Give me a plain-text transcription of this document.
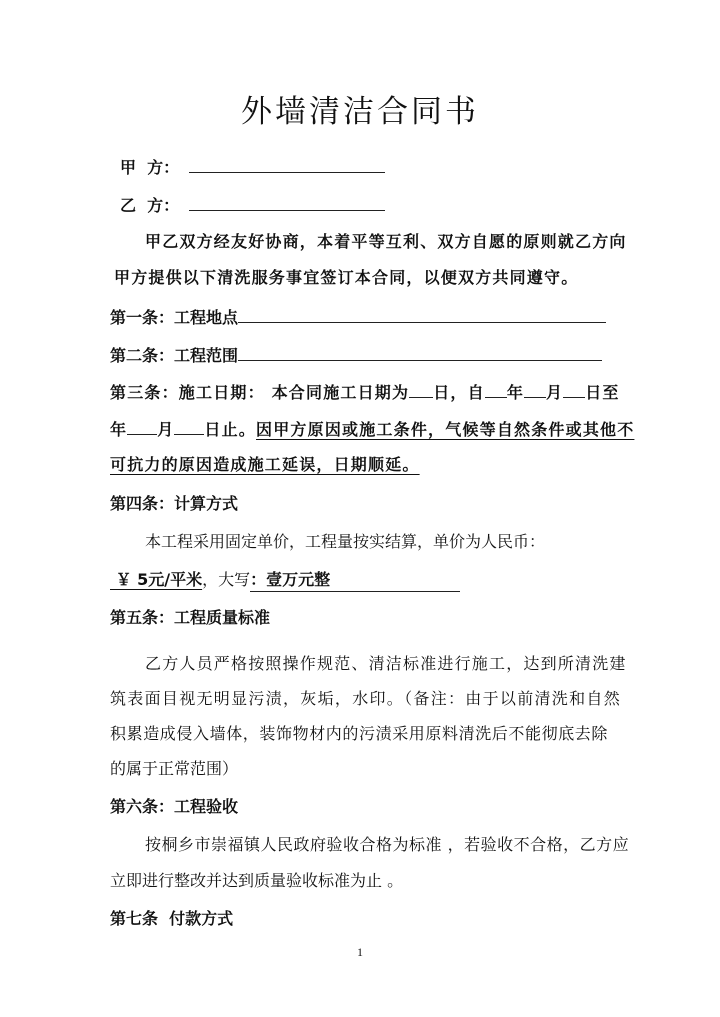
外墙清洁合同书
甲  方：
乙  方：
甲乙双方经友好协商，本着平等互利、双方自愿的原则就乙方向
甲方提供以下清洗服务事宜签订本合同，以便双方共同遵守。
第一条：工程地点
第二条：工程范围
第三条：施工日期： 本合同施工日期为 日，自 年 月 日至
年 月 日止。因甲方原因或施工条件，气候等自然条件或其他不
可抗力的原因造成施工延误，日期顺延。
第四条：计算方式
本工程采用固定单价，工程量按实结算，单价为人民币：
￥ 5元/平米，大写：壹万元整
第五条：工程质量标准
乙方人员严格按照操作规范、清洁标准进行施工，达到所清洗建
筑表面目视无明显污渍，灰垢，水印。（备注：由于以前清洗和自然
积累造成侵入墙体，装饰物材内的污渍采用原料清洗后不能彻底去除
的属于正常范围）
第六条：工程验收
按桐乡市崇福镇人民政府验收合格为标准 ，若验收不合格，乙方应
立即进行整改并达到质量验收标准为止 。
第七条  付款方式
1
